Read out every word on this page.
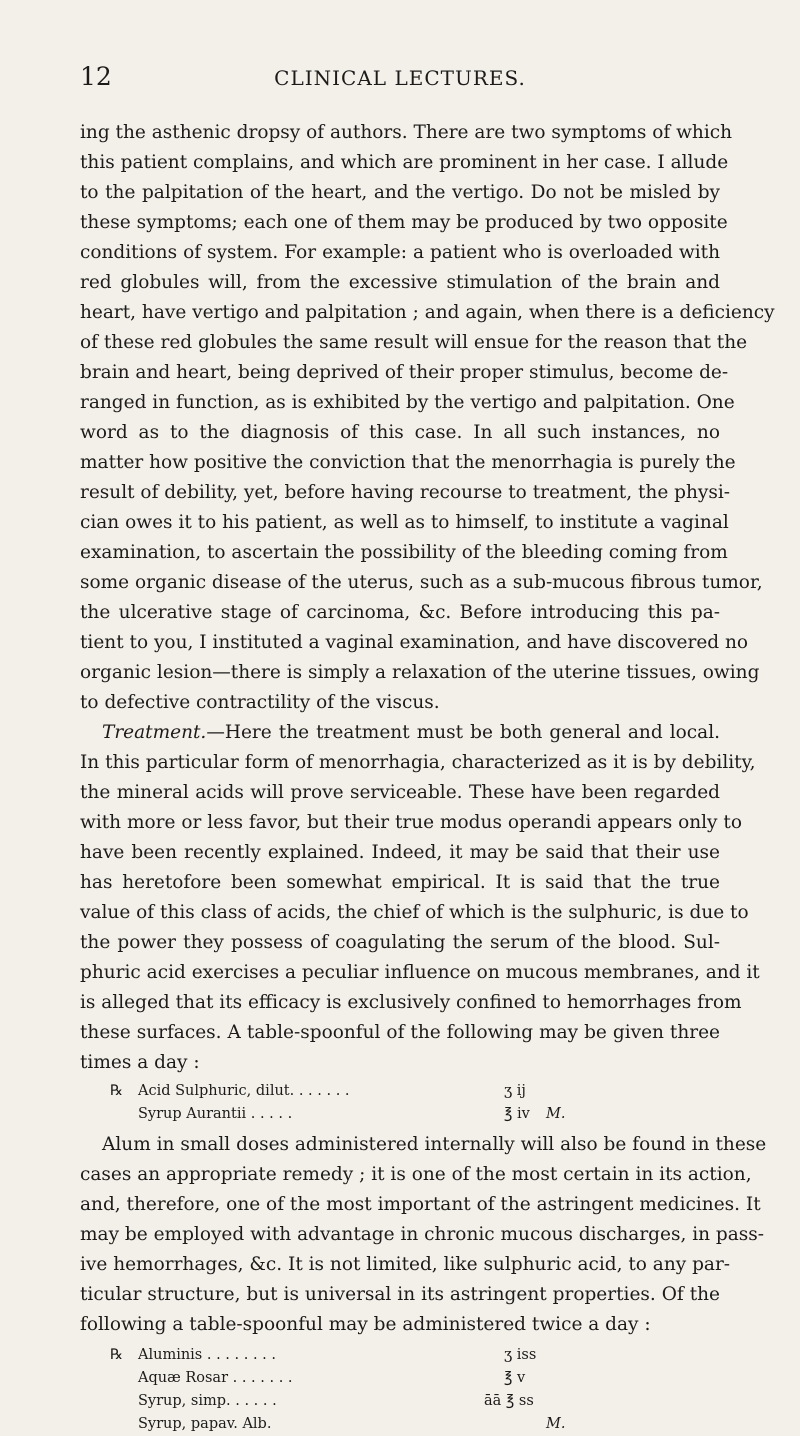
12	CLINICAL LECTURES.
ing the asthenic dropsy of authors. There are two symptoms of which
this patient complains, and which are prominent in her case. I allude
to the palpitation of the heart, and the vertigo. Do not be misled by
these symptoms; each one of them may be produced by two opposite
conditions of system. For example: a patient who is overloaded with
red globules will, from the excessive stimulation of the brain and
heart, have vertigo and palpitation ; and again, when there is a deficiency
of these red globules the same result will ensue for the reason that the
brain and heart, being deprived of their proper stimulus, become de-
ranged in function, as is exhibited by the vertigo and palpitation. One
word as to the diagnosis of this case. In all such instances, no
matter how positive the conviction that the menorrhagia is purely the
result of debility, yet, before having recourse to treatment, the physi-
cian owes it to his patient, as well as to himself, to institute a vaginal
examination, to ascertain the possibility of the bleeding coming from
some organic disease of the uterus, such as a sub-mucous fibrous tumor,
the ulcerative stage of carcinoma, &c. Before introducing this pa-
tient to you, I instituted a vaginal examination, and have discovered no
organic lesion—there is simply a relaxation of the uterine tissues, owing
to defective contractility of the viscus.
Treatment.—Here the treatment must be both general and local.
In this particular form of menorrhagia, characterized as it is by debility,
the mineral acids will prove serviceable. These have been regarded
with more or less favor, but their true modus operandi appears only to
have been recently explained. Indeed, it may be said that their use
has heretofore been somewhat empirical. It is said that the true
value of this class of acids, the chief of which is the sulphuric, is due to
the power they possess of coagulating the serum of the blood. Sul-
phuric acid exercises a peculiar influence on mucous membranes, and it
is alleged that its efficacy is exclusively confined to hemorrhages from
these surfaces. A table-spoonful of the following may be given three
times a day :
℞ Acid Sulphuric, dilut. . . . . . .	ʒ ij
Syrup Aurantii . . . . .	℥ iv M.
Alum in small doses administered internally will also be found in these
cases an appropriate remedy ; it is one of the most certain in its action,
and, therefore, one of the most important of the astringent medicines. It
may be employed with advantage in chronic mucous discharges, in pass-
ive hemorrhages, &c. It is not limited, like sulphuric acid, to any par-
ticular structure, but is universal in its astringent properties. Of the
following a table-spoonful may be administered twice a day :
℞ Aluminis . . . . . . . .	ʒ iss
Aquæ Rosar . . . . . . .	℥ v
Syrup, simp. . . . . .	āā ℥ ss
Syrup, papav. Alb.	M.
